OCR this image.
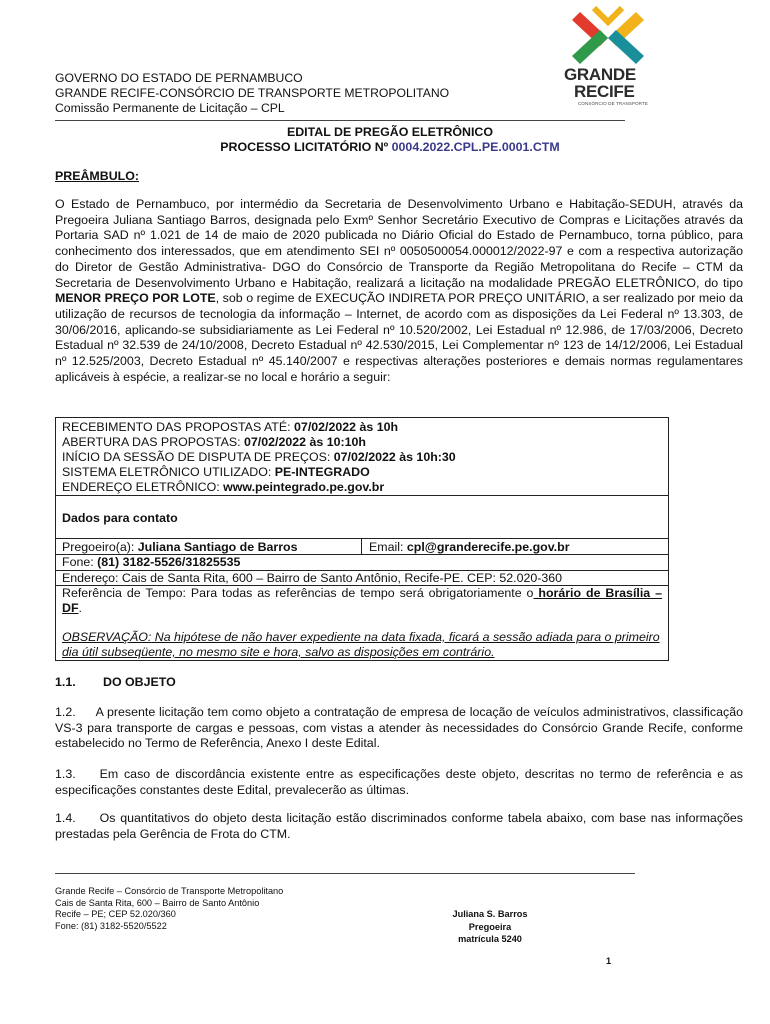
GOVERNO DO ESTADO DE PERNAMBUCO
GRANDE RECIFE-CONSÓRCIO DE TRANSPORTE METROPOLITANO
Comissão Permanente de Licitação – CPL
GRANDE
RECIFE
CONSÓRCIO DE TRANSPORTE
EDITAL DE PREGÃO ELETRÔNICO
PROCESSO LICITATÓRIO Nº 0004.2022.CPL.PE.0001.CTM
PREÂMBULO:
O Estado de Pernambuco, por intermédio da Secretaria de Desenvolvimento Urbano e Habitação-SEDUH, através da Pregoeira Juliana Santiago Barros, designada pelo Exmº Senhor Secretário Executivo de Compras e Licitações através da Portaria SAD nº 1.021 de 14 de maio de 2020 publicada no Diário Oficial do Estado de Pernambuco, torna público, para conhecimento dos interessados, que em atendimento SEI nº 0050500054.000012/2022-97 e com a respectiva autorização do Diretor de Gestão Administrativa- DGO do Consórcio de Transporte da Região Metropolitana do Recife – CTM da Secretaria de Desenvolvimento Urbano e Habitação, realizará a licitação na modalidade PREGÃO ELETRÔNICO, do tipo MENOR PREÇO POR LOTE, sob o regime de EXECUÇÃO INDIRETA POR PREÇO UNITÁRIO, a ser realizado por meio da utilização de recursos de tecnologia da informação – Internet, de acordo com as disposições da Lei Federal nº 13.303, de 30/06/2016, aplicando-se subsidiariamente as Lei Federal nº 10.520/2002, Lei Estadual nº 12.986, de 17/03/2006, Decreto Estadual nº 32.539 de 24/10/2008, Decreto Estadual nº 42.530/2015, Lei Complementar nº 123 de 14/12/2006, Lei Estadual nº 12.525/2003, Decreto Estadual nº 45.140/2007 e respectivas alterações posteriores e demais normas regulamentares aplicáveis à espécie, a realizar-se no local e horário a seguir:
RECEBIMENTO DAS PROPOSTAS ATÉ: 07/02/2022 às 10h
ABERTURA DAS PROPOSTAS: 07/02/2022 às 10:10h
INÍCIO DA SESSÃO DE DISPUTA DE PREÇOS: 07/02/2022 às 10h:30
SISTEMA ELETRÔNICO UTILIZADO: PE-INTEGRADO
ENDEREÇO ELETRÔNICO: www.peintegrado.pe.gov.br
Dados para contato
Pregoeiro(a): Juliana Santiago de Barros	Email: cpl@granderecife.pe.gov.br
Fone: (81) 3182-5526/31825535
Endereço: Cais de Santa Rita, 600 – Bairro de Santo Antônio, Recife-PE. CEP: 52.020-360
Referência de Tempo: Para todas as referências de tempo será obrigatoriamente o horário de Brasília – DF.
OBSERVAÇÃO: Na hipótese de não haver expediente na data fixada, ficará a sessão adiada para o primeiro dia útil subseqüente, no mesmo site e hora, salvo as disposições em contrário.
1.1. DO OBJETO
1.2. A presente licitação tem como objeto a contratação de empresa de locação de veículos administrativos, classificação VS-3 para transporte de cargas e pessoas, com vistas a atender às necessidades do Consórcio Grande Recife, conforme estabelecido no Termo de Referência, Anexo I deste Edital.
1.3. Em caso de discordância existente entre as especificações deste objeto, descritas no termo de referência e as especificações constantes deste Edital, prevalecerão as últimas.
1.4. Os quantitativos do objeto desta licitação estão discriminados conforme tabela abaixo, com base nas informações prestadas pela Gerência de Frota do CTM.
Grande Recife – Consórcio de Transporte Metropolitano
Cais de Santa Rita, 600 – Bairro de Santo Antônio
Recife – PE; CEP 52.020/360
Fone: (81) 3182-5520/5522
Juliana S. Barros
Pregoeira
matrícula 5240
1
